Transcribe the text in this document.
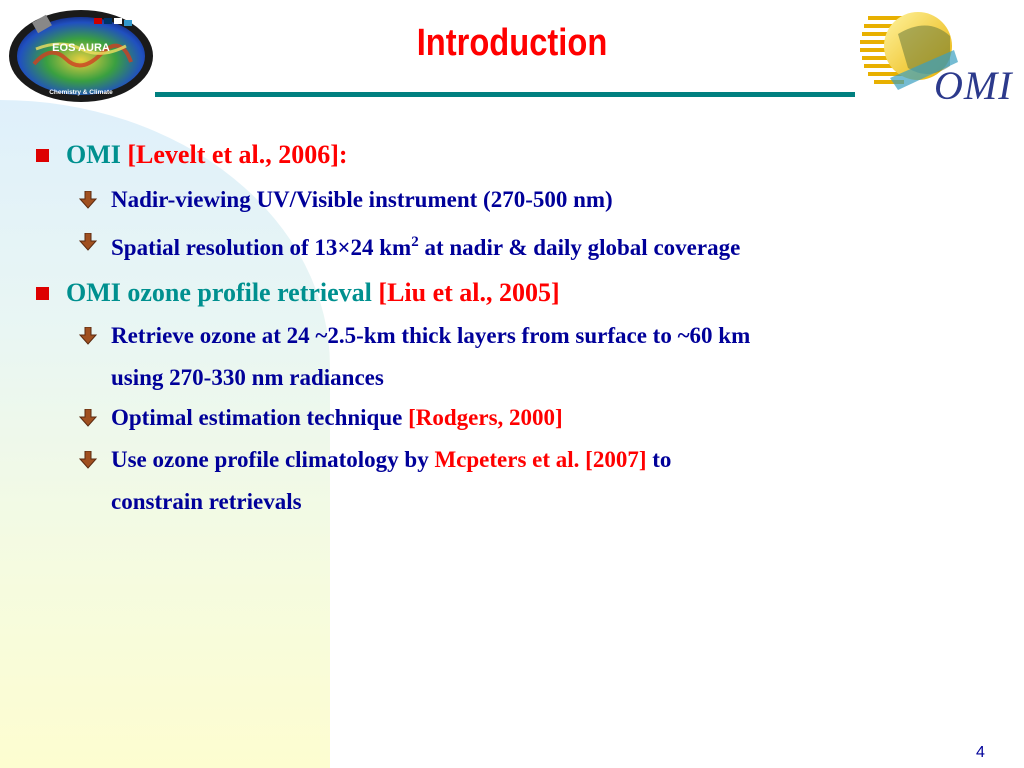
EOS AURA
Chemistry & Climate	OMI
Introduction
OMI [Levelt et al., 2006]:
Nadir-viewing UV/Visible instrument (270-500 nm)
Spatial resolution of 13×24 $km^2$ at nadir & daily global coverage
OMI ozone profile retrieval [Liu et al., 2005]
Retrieve ozone at 24 ~2.5-km thick layers from surface to ~60 km
using 270-330 nm radiances
Optimal estimation technique [Rodgers, 2000]
Use ozone profile climatology by Mcpeters et al. [2007] to
constrain retrievals
4
